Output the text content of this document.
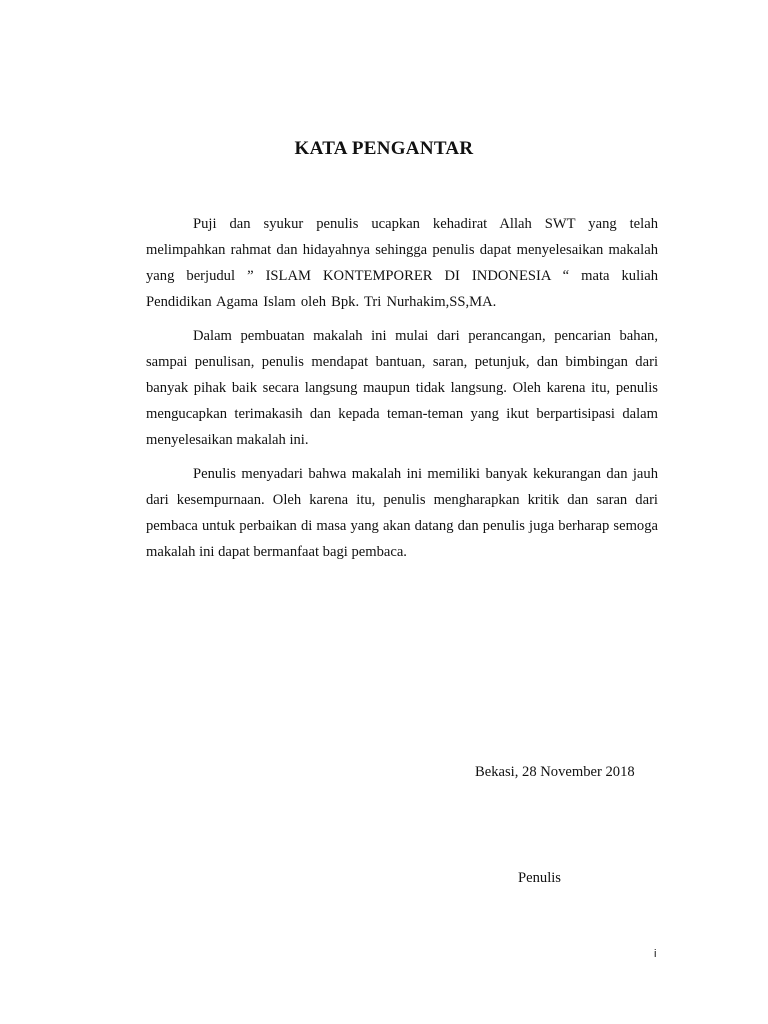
KATA PENGANTAR

Puji dan syukur penulis ucapkan kehadirat Allah SWT yang telah melimpahkan rahmat dan hidayahnya sehingga penulis dapat menyelesaikan makalah yang berjudul ” ISLAM KONTEMPORER DI INDONESIA “ mata kuliah Pendidikan Agama Islam oleh Bpk. Tri Nurhakim,SS,MA.

Dalam pembuatan makalah ini mulai dari perancangan, pencarian bahan, sampai penulisan, penulis mendapat bantuan, saran, petunjuk, dan bimbingan dari banyak pihak baik secara langsung maupun tidak langsung. Oleh karena itu, penulis mengucapkan terimakasih dan kepada teman-teman yang ikut berpartisipasi dalam menyelesaikan makalah ini.

Penulis menyadari bahwa makalah ini memiliki banyak kekurangan dan jauh dari kesempurnaan. Oleh karena itu, penulis mengharapkan kritik dan saran dari pembaca untuk perbaikan di masa yang akan datang dan penulis juga berharap semoga makalah ini dapat bermanfaat bagi pembaca.

Bekasi, 28 November 2018
Penulis
i
